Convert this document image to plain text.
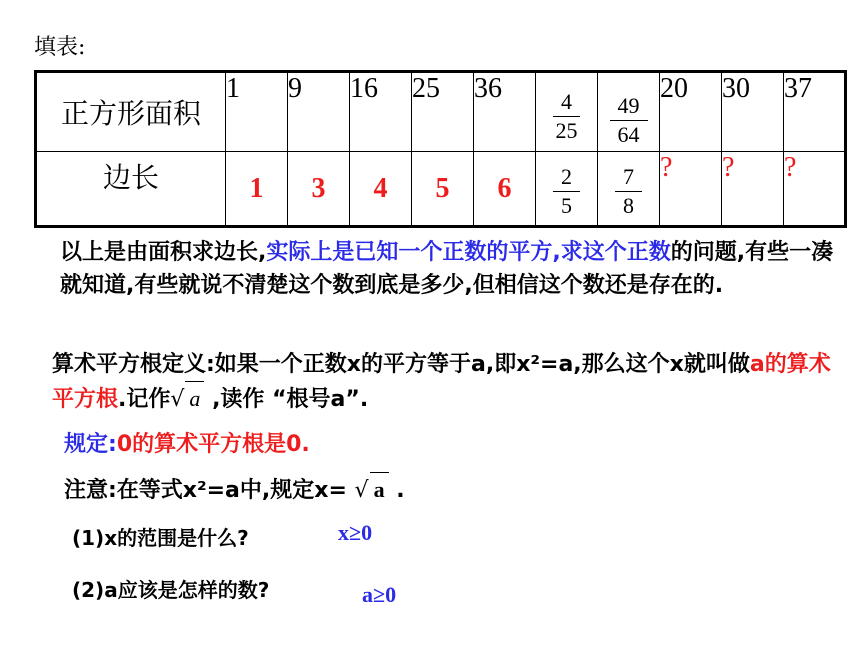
填表:
正方形面积	1	9	16	25	36	$\frac{4}{25}$	$\frac{49}{64}$	20	30	37
边长	1	3	4	5	6	$\frac{2}{5}$	$\frac{7}{8}$	?	?	?
以上是由面积求边长,实际上是已知一个正数的平方,求这个正数的问题,有些一凑就知道,有些就说不清楚这个数到底是多少,但相信这个数还是存在的.
算术平方根定义:如果一个正数x的平方等于a,即x²=a,那么这个x就叫做a的算术平方根.记作√ a ,读作 “根号a”.
规定:0的算术平方根是0.
注意:在等式x²=a中,规定x= √ a .
(1)x的范围是什么?	x≥0
(2)a应该是怎样的数?	a≥0
